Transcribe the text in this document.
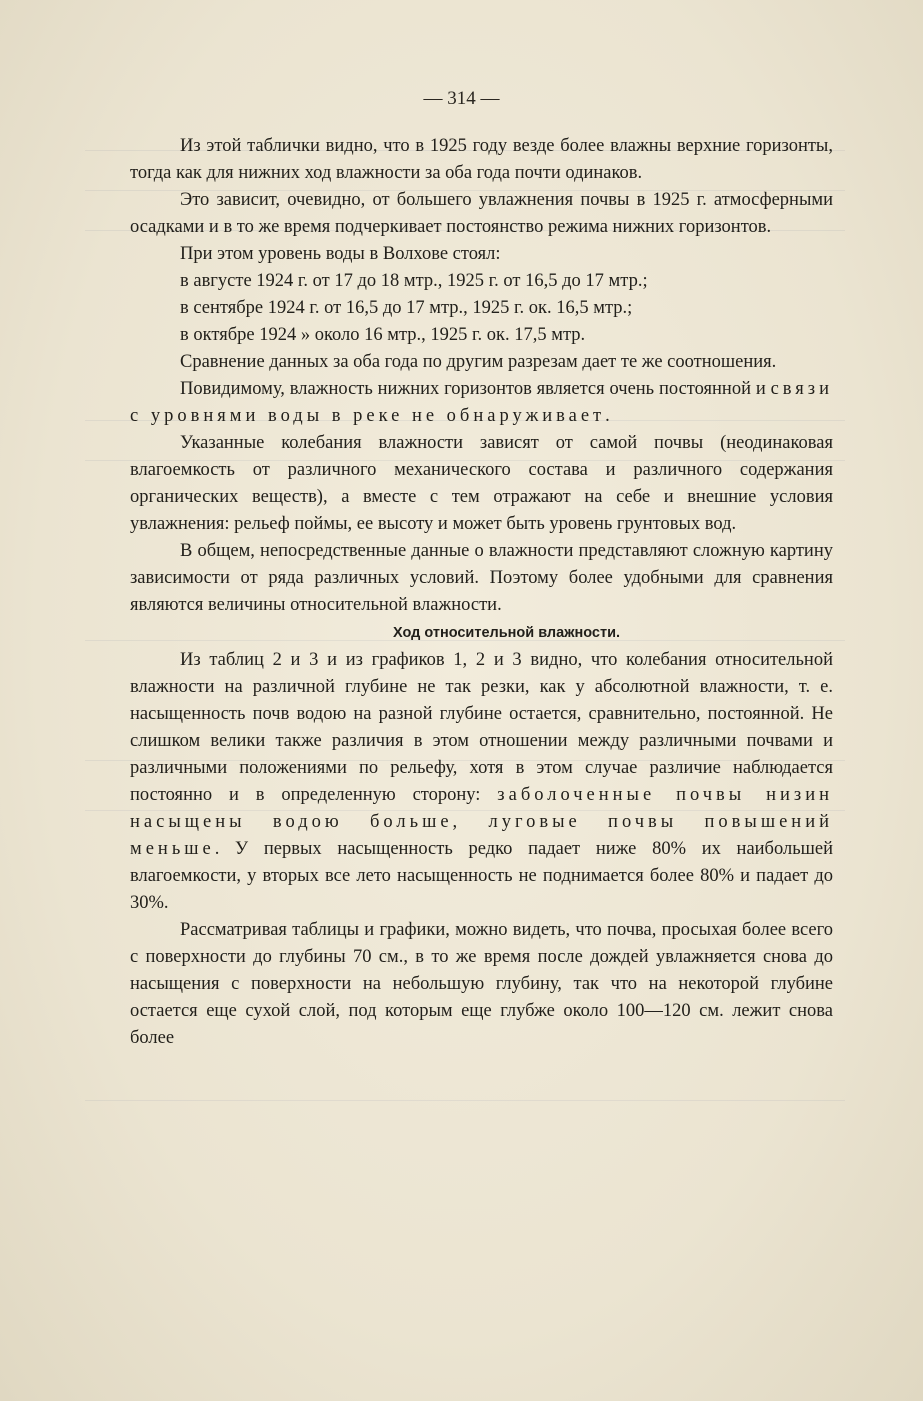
— 314 —

Из этой таблички видно, что в 1925 году везде более влажны верхние горизонты, тогда как для нижних ход влажности за оба года почти одинаков.

Это зависит, очевидно, от большего увлажнения почвы в 1925 г. атмосферными осадками и в то же время подчеркивает постоянство режима нижних горизонтов.

При этом уровень воды в Волхове стоял:

в августе 1924 г. от 17 до 18 мтр., 1925 г. от 16,5 до 17 мтр.;

в сентябре 1924 г. от 16,5 до 17 мтр., 1925 г. ок. 16,5 мтр.;

в октябре 1924 » около 16 мтр., 1925 г. ок. 17,5 мтр.

Сравнение данных за оба года по другим разрезам дает те же соотношения.

Повидимому, влажность нижних горизонтов является очень постоянной и связи с уровнями воды в реке не обнаруживает.

Указанные колебания влажности зависят от самой почвы (неодинаковая влагоемкость от различного механического состава и различного содержания органических веществ), а вместе с тем отражают на себе и внешние условия увлажнения: рельеф поймы, ее высоту и может быть уровень грунтовых вод.

В общем, непосредственные данные о влажности представляют сложную картину зависимости от ряда различных условий. Поэтому более удобными для сравнения являются величины относительной влажности.

Ход относительной влажности.

Из таблиц 2 и 3 и из графиков 1, 2 и 3 видно, что колебания относительной влажности на различной глубине не так резки, как у абсолютной влажности, т. е. насыщенность почв водою на разной глубине остается, сравнительно, постоянной. Не слишком велики также различия в этом отношении между различными почвами и различными положениями по рельефу, хотя в этом случае различие наблюдается постоянно и в определенную сторону: заболоченные почвы низин насыщены водою больше, луговые почвы повышений меньше. У первых насыщенность редко падает ниже 80% их наибольшей влагоемкости, у вторых все лето насыщенность не поднимается более 80% и падает до 30%.

Рассматривая таблицы и графики, можно видеть, что почва, просыхая более всего с поверхности до глубины 70 см., в то же время после дождей увлажняется снова до насыщения с поверхности на небольшую глубину, так что на некоторой глубине остается еще сухой слой, под которым еще глубже около 100—120 см. лежит снова более
